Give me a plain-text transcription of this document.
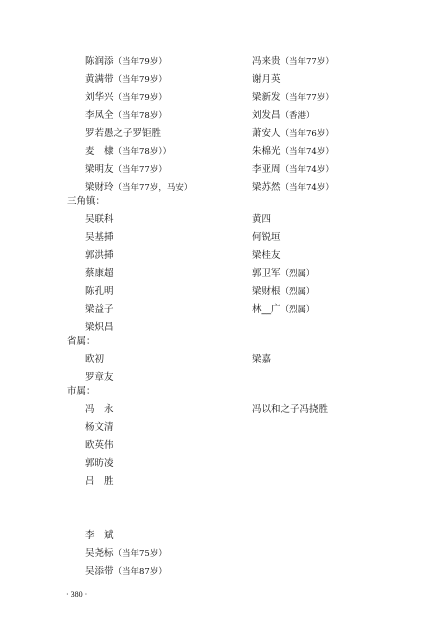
陈润添（当年79岁）	冯来贵（当年77岁）
黄满带（当年79岁）	谢月英
刘华兴（当年79岁）	梁新发（当年77岁）
李凤全（当年78岁）	刘发昌（香港）
罗若愚之子罗钜胜	萧安人（当年76岁）
麦　棣（当年78岁））	朱棉光（当年74岁）
梁明友（当年77岁）	李亚周（当年74岁）
梁财玲（当年77岁，马安）	梁苏然（当年74岁）
三角镇：
吴联科	黄四
吴基揷	何锐垣
郭洪揷	梁桂友
蔡康超	郭卫军（烈属）
陈孔明	梁财根（烈属）
梁益子	林__广（烈属）
梁炽昌
省属：
欧初	梁嘉
罗章友
市属：
冯　永	冯以和之子冯挠胜
杨文清
欧英伟
郭昉凌
吕　胜
李　斌
吴尧标（当年75岁）
吴添带（当年87岁）
· 380 ·
